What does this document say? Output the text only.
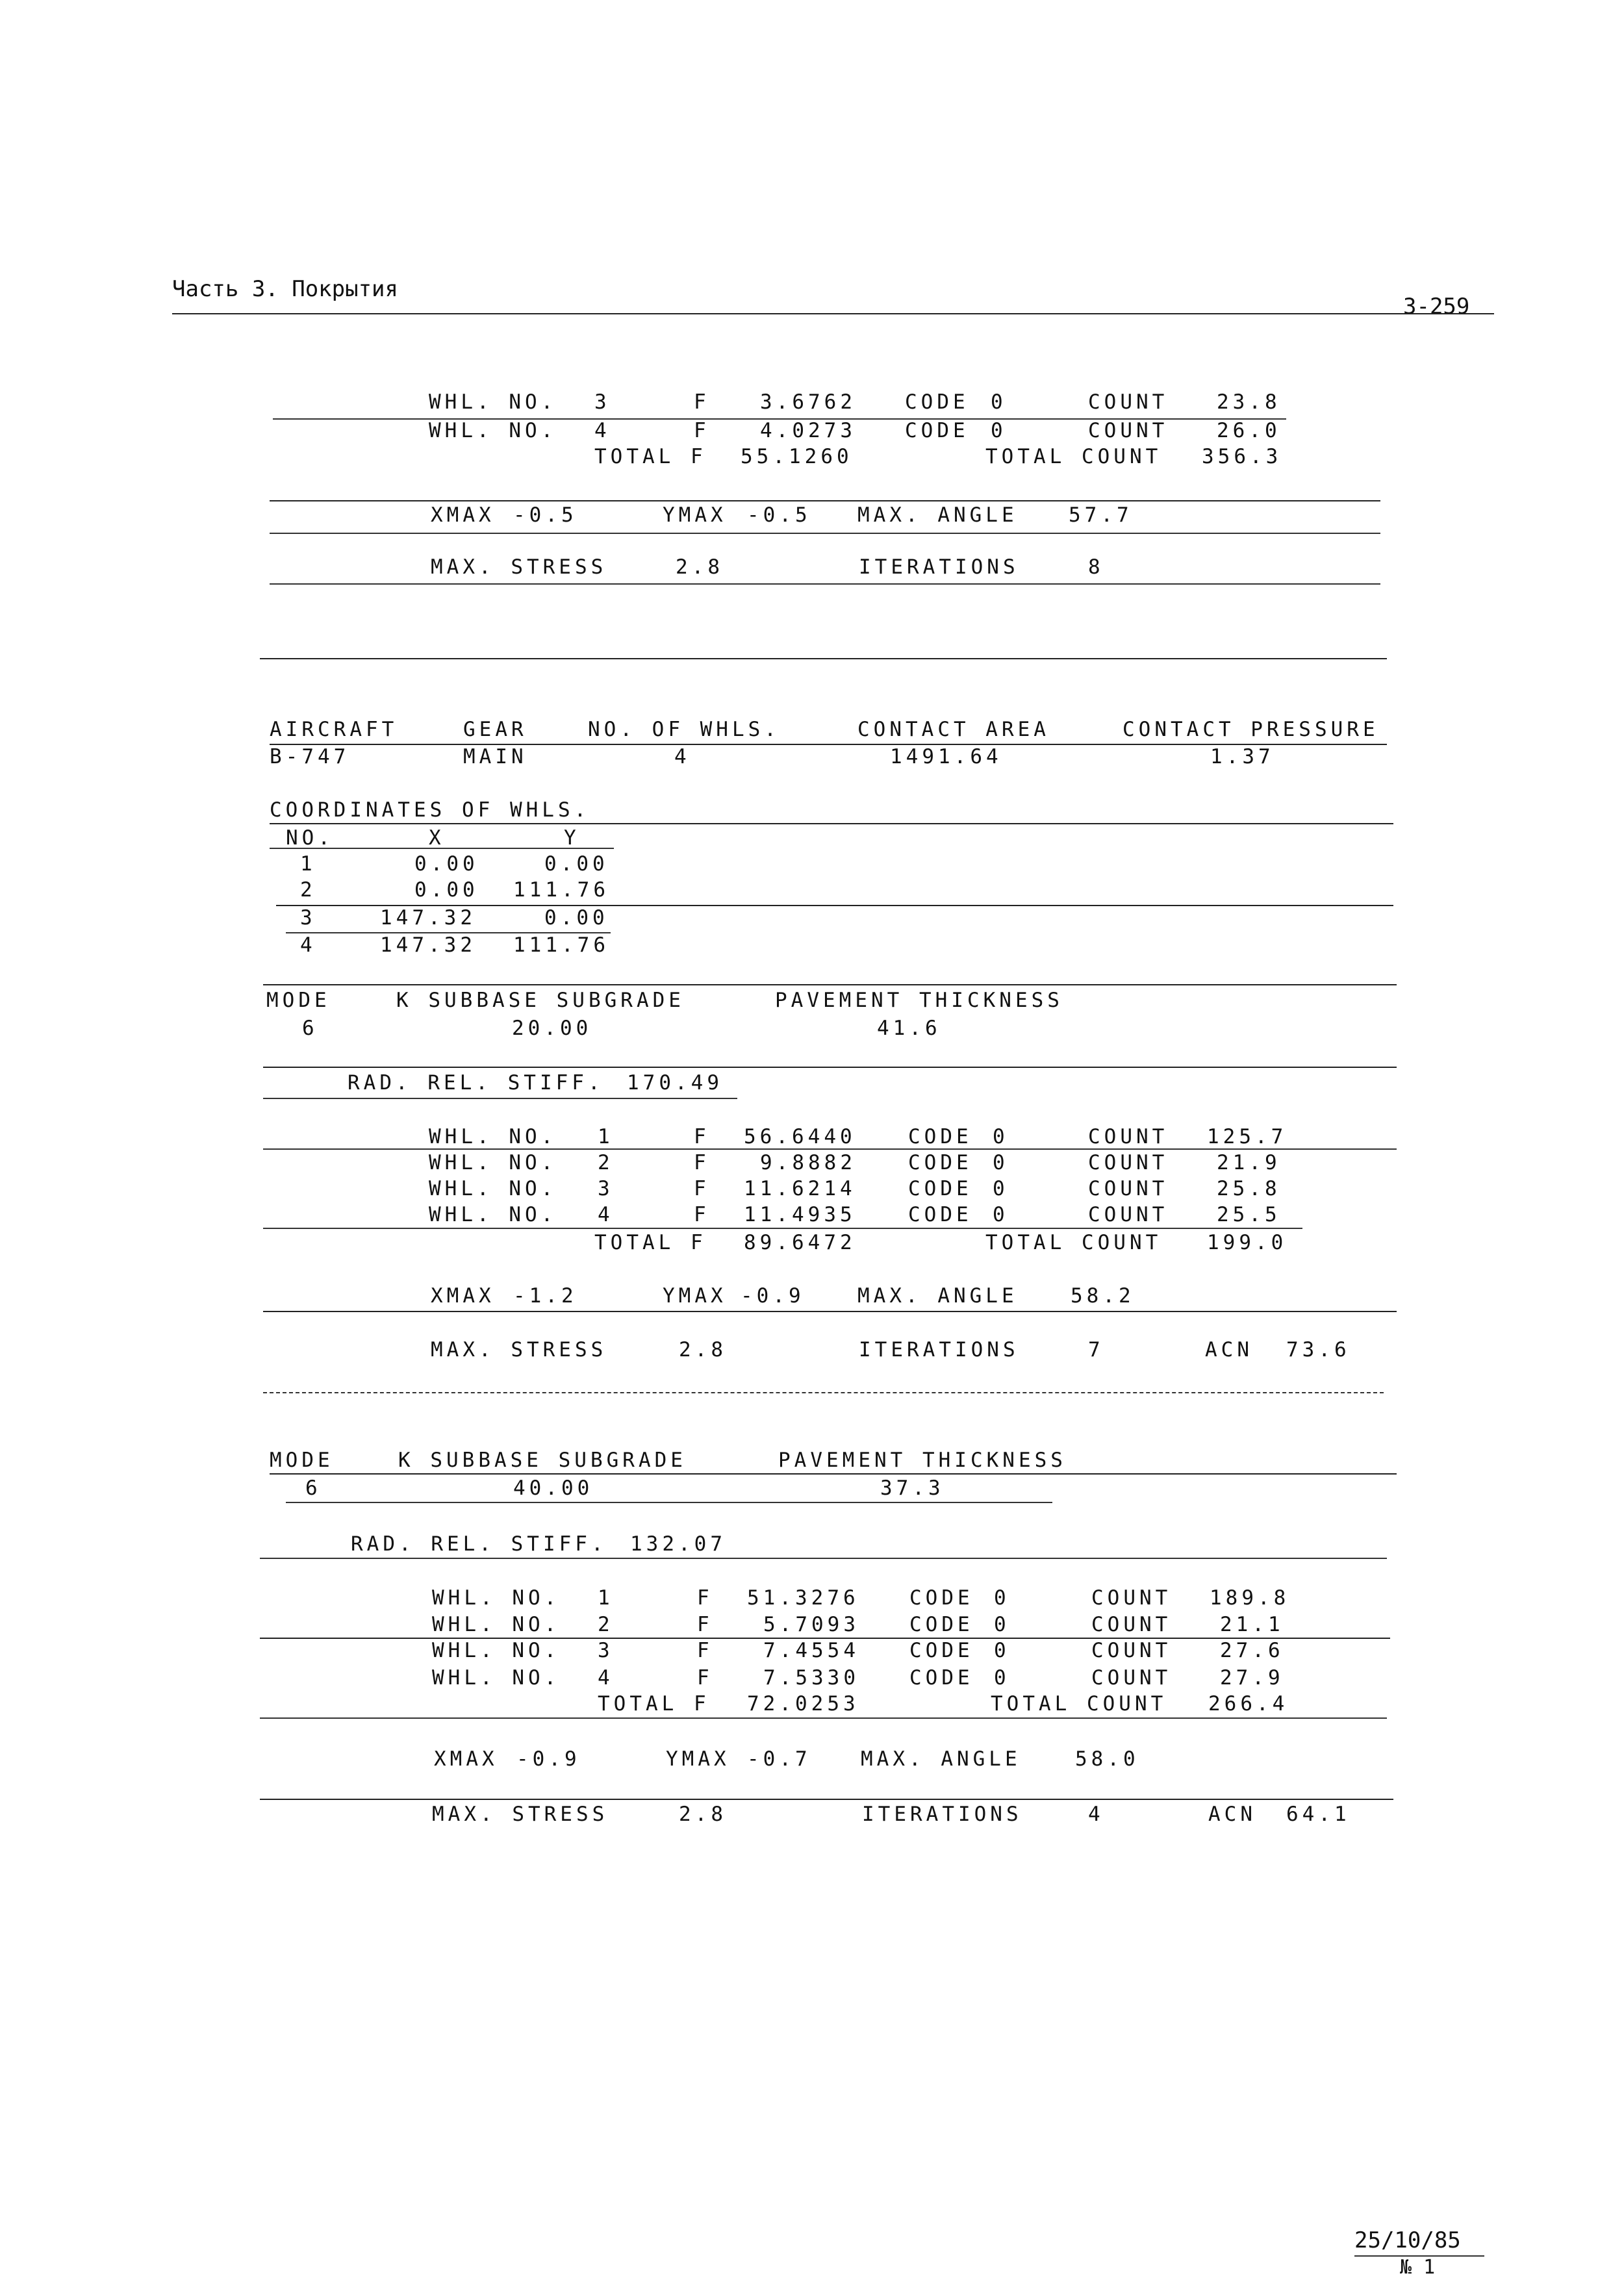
Часть 3. Покрытия
3-259
WHL. NO. 3	F 3.6762 CODE 0	COUNT 23.8
WHL. NO. 4	F 4.0273 CODE 0	COUNT 26.0
TOTAL F 55.1260	TOTAL COUNT 356.3
XMAX -0.5	YMAX -0.5 MAX. ANGLE	57.7
MAX. STRESS	2.8	ITERATIONS	8
AIRCRAFT	GEAR	NO. OF WHLS.	CONTACT AREA	CONTACT PRESSURE
B-747	MAIN	4	1491.64	1.37
COORDINATES OF WHLS.
NO.	X	Y
1	0.00	0.00
2	0.00 111.76
3	147.32	0.00
4	147.32 111.76
MODE	K SUBBASE SUBGRADE	PAVEMENT THICKNESS
6	20.00	41.6
RAD. REL. STIFF. 170.49
WHL. NO. 1	F 56.6440	CODE 0	COUNT 125.7
WHL. NO. 2	F 9.8882	CODE 0	COUNT 21.9
WHL. NO. 3	F 11.6214	CODE 0	COUNT 25.8
WHL. NO. 4	F 11.4935	CODE 0	COUNT 25.5
TOTAL F 89.6472	TOTAL COUNT 199.0
XMAX -1.2	YMAX -0.9	MAX. ANGLE	58.2
MAX. STRESS	2.8	ITERATIONS	7	ACN 73.6
MODE	K SUBBASE SUBGRADE	PAVEMENT THICKNESS
6	40.00	37.3
RAD. REL. STIFF. 132.07
WHL. NO. 1	F 51.3276 CODE 0	COUNT 189.8
WHL. NO. 2	F 5.7093 CODE 0	COUNT 21.1
WHL. NO. 3	F 7.4554 CODE 0	COUNT 27.6
WHL. NO. 4	F 7.5330 CODE 0	COUNT 27.9
TOTAL F 72.0253	TOTAL COUNT 266.4
XMAX -0.9	YMAX -0.7 MAX. ANGLE	58.0
MAX. STRESS	2.8	ITERATIONS	4	ACN 64.1
25/10/85
№ 1
